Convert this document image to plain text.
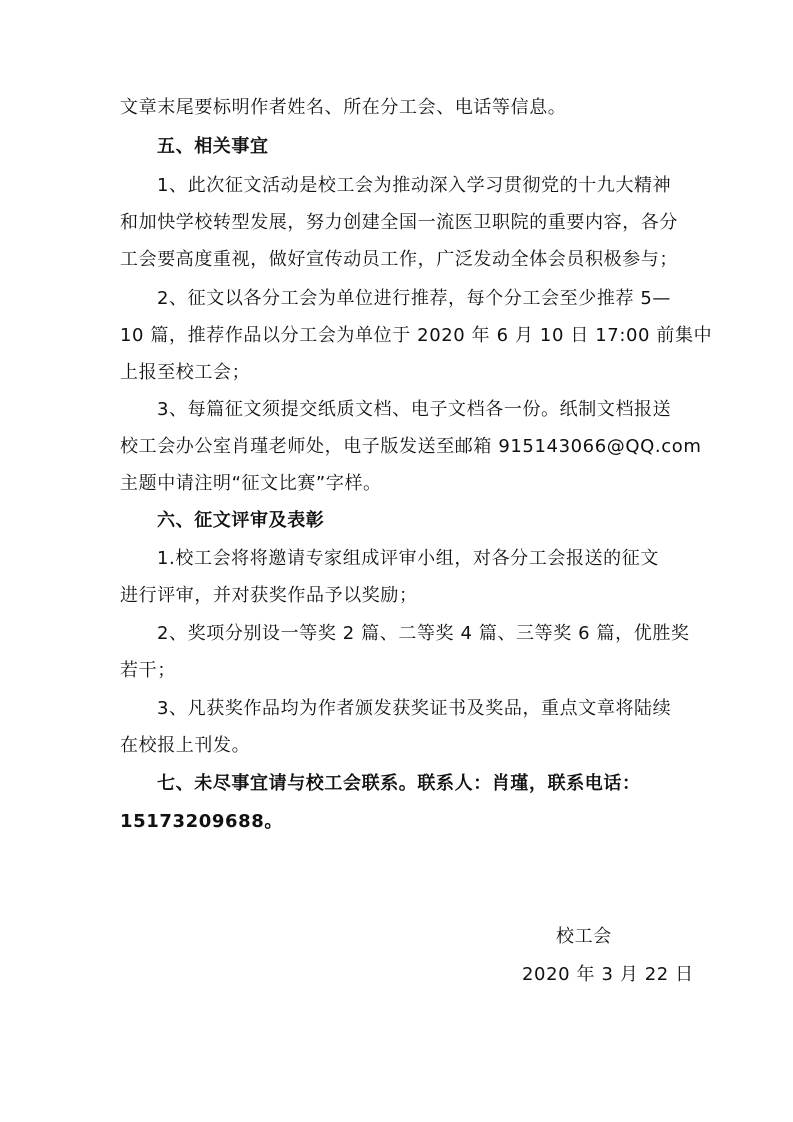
文章末尾要标明作者姓名、所在分工会、电话等信息。
五、相关事宜
1、此次征文活动是校工会为推动深入学习贯彻党的十九大精神
和加快学校转型发展，努力创建全国一流医卫职院的重要内容，各分
工会要高度重视，做好宣传动员工作，广泛发动全体会员积极参与；
2、征文以各分工会为单位进行推荐，每个分工会至少推荐 5—
10 篇，推荐作品以分工会为单位于 2020 年 6 月 10 日 17:00 前集中
上报至校工会；
3、每篇征文须提交纸质文档、电子文档各一份。纸制文档报送
校工会办公室肖瑾老师处，电子版发送至邮箱 915143066@QQ.com
主题中请注明“征文比赛”字样。
六、征文评审及表彰
1.校工会将将邀请专家组成评审小组，对各分工会报送的征文
进行评审，并对获奖作品予以奖励；
2、奖项分别设一等奖 2 篇、二等奖 4 篇、三等奖 6 篇，优胜奖
若干；
3、凡获奖作品均为作者颁发获奖证书及奖品，重点文章将陆续
在校报上刊发。
七、未尽事宜请与校工会联系。联系人：肖瑾，联系电话：
15173209688。
校工会
2020 年 3 月 22 日
